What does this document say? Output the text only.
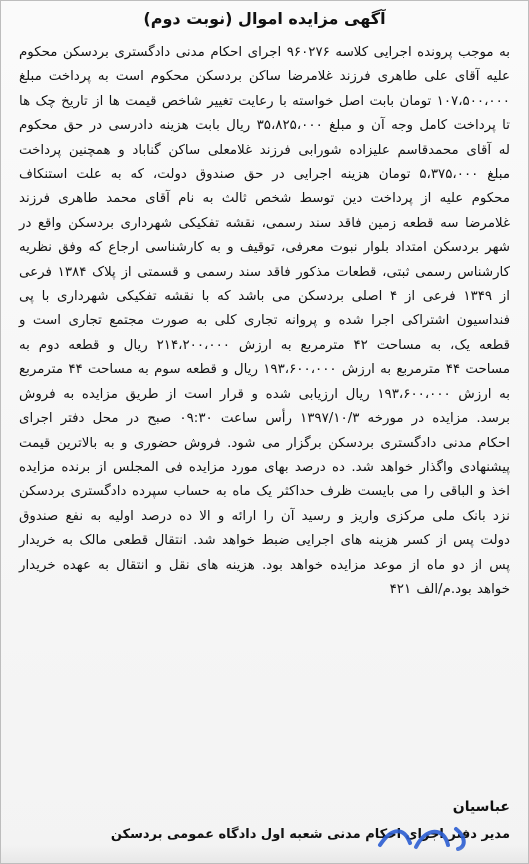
آگهی مزایده اموال (نوبت دوم)
به موجب پرونده اجرایی کلاسه ۹۶۰۲۷۶ اجرای احکام مدنی دادگستری بردسکن محکوم علیه آقای علی طاهری فرزند غلامرضا ساکن بردسکن محکوم است به پرداخت مبلغ ۱۰۷،۵۰۰،۰۰۰ تومان بابت اصل خواسته با رعایت تغییر شاخص قیمت ها از تاریخ چک ها تا پرداخت کامل وجه آن و مبلغ ۳۵،۸۲۵،۰۰۰ ریال بابت هزینه دادرسی در حق محکوم له آقای محمدقاسم علیزاده شورابی فرزند غلامعلی ساکن گناباد و همچنین پرداخت مبلغ ۵،۳۷۵،۰۰۰ تومان هزینه اجرایی در حق صندوق دولت، که به علت استنکاف محکوم علیه از پرداخت دین توسط شخص ثالث به نام آقای محمد طاهری فرزند غلامرضا سه قطعه زمین فاقد سند رسمی، نقشه تفکیکی شهرداری بردسکن واقع در شهر بردسکن امتداد بلوار نبوت معرفی، توقیف و به کارشناسی ارجاع که وفق نظریه کارشناس رسمی ثبتی، قطعات مذکور فاقد سند رسمی و قسمتی از پلاک ۱۳۸۴ فرعی از ۱۳۴۹ فرعی از ۴ اصلی بردسکن می باشد که با نقشه تفکیکی شهرداری با پی فنداسیون اشتراکی اجرا شده و پروانه تجاری کلی به صورت مجتمع تجاری است و قطعه یک، به مساحت ۴۲ مترمربع به ارزش ۲۱۴،۲۰۰،۰۰۰ ریال و قطعه دوم به مساحت ۴۴ مترمربع به ارزش ۱۹۳،۶۰۰،۰۰۰ ریال و قطعه سوم به مساحت ۴۴ مترمربع به ارزش ۱۹۳،۶۰۰،۰۰۰ ریال ارزیابی شده و قرار است از طریق مزایده به فروش برسد. مزایده در مورخه ۱۳۹۷/۱۰/۳ رأس ساعت ۰۹:۳۰ صبح در محل دفتر اجرای احکام مدنی دادگستری بردسکن برگزار می شود. فروش حضوری و به بالاترین قیمت پیشنهادی واگذار خواهد شد. ده درصد بهای مورد مزایده فی المجلس از برنده مزایده اخذ و الباقی را می بایست ظرف حداکثر یک ماه به حساب سپرده دادگستری بردسکن نزد بانک ملی مرکزی واریز و رسید آن را ارائه و الا ده درصد اولیه به نفع صندوق دولت پس از کسر هزینه های اجرایی ضبط خواهد شد. انتقال قطعی مالک به خریدار پس از دو ماه از موعد مزایده خواهد بود. هزینه های نقل و انتقال به عهده خریدار خواهد بود.م/الف ۴۲۱
عباسیان
مدیر دفتر اجرای احکام مدنی شعبه اول دادگاه عمومی بردسکن
